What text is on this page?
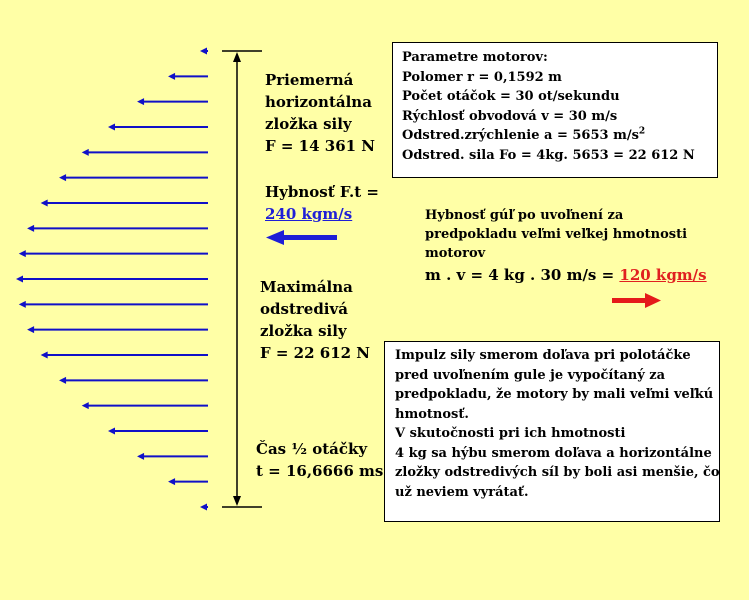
Priemerná
horizontálna
zložka sily
F = 14 361 N
Hybnosť F.t =
240 kgm/s
Maximálna
odstredivá
zložka sily
F = 22 612 N
Čas ½ otáčky
t = 16,6666 ms
Parametre motorov:
Polomer r = 0,1592 m
Počet otáčok = 30 ot/sekundu
Rýchlosť obvodová v = 30 m/s
Odstred.zrýchlenie a = 5653 $m/s^2$
Odstred. sila Fo = 4kg. 5653 = 22 612 N
Hybnosť gúľ po uvoľnení za
predpokladu veľmi veľkej hmotnosti
motorov
m . v = 4 kg . 30 m/s = 120 kgm/s
Impulz sily smerom doľava pri polotáčke
pred uvoľnením gule je vypočítaný za
predpokladu, že motory by mali veľmi veľkú
hmotnosť.
V skutočnosti pri ich hmotnosti
4 kg sa hýbu smerom doľava a horizontálne
zložky odstredivých síl by boli asi menšie, čo
už neviem vyrátať.
